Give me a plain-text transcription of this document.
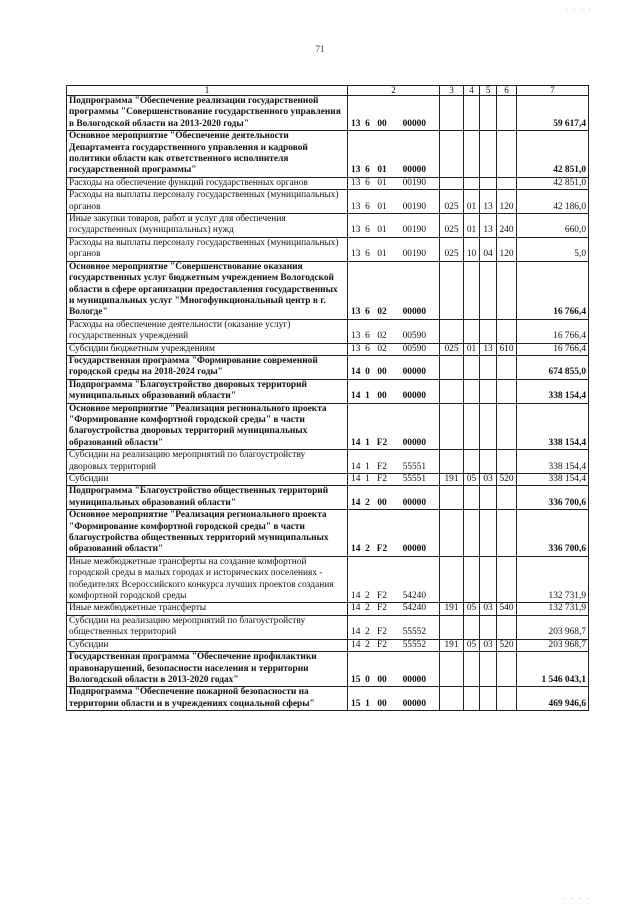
71
1	2	3	4	5	6	7
Подпрограмма "Обеспечение реализации государственной программы "Совершенствование государственного управления в Вологодской области на 2013-2020 годы"	13 6 00 00000					59 617,4
Основное мероприятие "Обеспечение деятельности Департамента государственного управления и кадровой политики области как ответственного исполнителя государственной программы"	13 6 01 00000					42 851,0
Расходы на обеспечение функций государственных органов	13 6 01 00190					42 851,0
Расходы на выплаты персоналу государственных (муниципальных) органов	13 6 01 00190	025	01	13	120	42 186,0
Иные закупки товаров, работ и услуг для обеспечения государственных (муниципальных) нужд	13 6 01 00190	025	01	13	240	660,0
Расходы на выплаты персоналу государственных (муниципальных) органов	13 6 01 00190	025	10	04	120	5,0
Основное мероприятие "Совершенствование оказания государственных услуг бюджетным учреждением Вологодской области в сфере организации предоставления государственных и муниципальных услуг "Многофункциональный центр в г. Вологде"	13 6 02 00000					16 766,4
Расходы на обеспечение деятельности (оказание услуг) государственных учреждений	13 6 02 00590					16 766,4
Субсидии бюджетным учреждениям	13 6 02 00590	025	01	13	610	16 766,4
Государственная программа "Формирование современной городской среды на 2018-2024 годы"	14 0 00 00000					674 855,0
Подпрограмма "Благоустройство дворовых территорий муниципальных образований области"	14 1 00 00000					338 154,4
Основное мероприятие "Реализация регионального проекта "Формирование комфортной городской среды" в части благоустройства дворовых территорий муниципальных образований области"	14 1 F2 00000					338 154,4
Субсидии на реализацию мероприятий по благоустройству дворовых территорий	14 1 F2 55551					338 154,4
Субсидии	14 1 F2 55551	191	05	03	520	338 154,4
Подпрограмма "Благоустройство общественных территорий муниципальных образований области"	14 2 00 00000					336 700,6
Основное мероприятие "Реализация регионального проекта "Формирование комфортной городской среды" в части благоустройства общественных территорий муниципальных образований области"	14 2 F2 00000					336 700,6
Иные межбюджетные трансферты на создание комфортной городской среды в малых городах и исторических поселениях - победителях Всероссийского конкурса лучших проектов создания комфортной городской среды	14 2 F2 54240					132 731,9
Иные межбюджетные трансферты	14 2 F2 54240	191	05	03	540	132 731,9
Субсидии на реализацию мероприятий по благоустройству общественных территорий	14 2 F2 55552					203 968,7
Субсидии	14 2 F2 55552	191	05	03	520	203 968,7
Государственная программа "Обеспечение профилактики правонарушений, безопасности населения и территории Вологодской области в 2013-2020 годах"	15 0 00 00000					1 546 043,1
Подпрограмма "Обеспечение пожарной безопасности на территории области и в учреждениях социальной сферы"	15 1 00 00000					469 946,6
. . . .
. . . .
